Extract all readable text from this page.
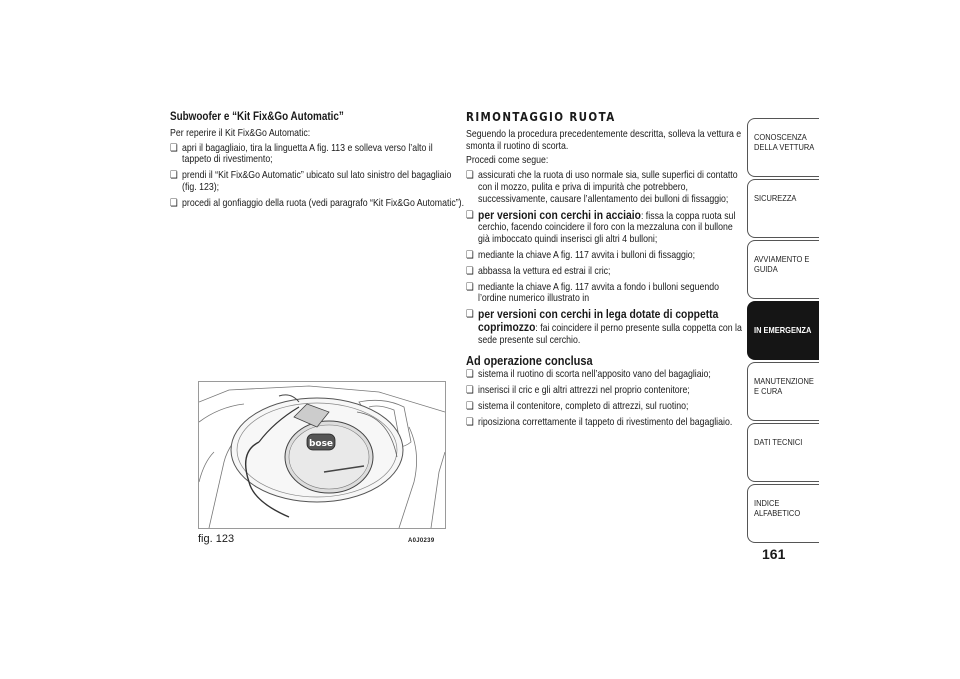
Subwoofer e “Kit Fix&Go Automatic”
Per reperire il Kit Fix&Go Automatic:
❏ apri il bagagliaio, tira la linguetta A fig. 113 e solleva verso l’alto il tappeto di rivestimento;
❏ prendi il “Kit Fix&Go Automatic” ubicato sul lato sinistro del bagagliaio (fig. 123);
❏ procedi al gonfiaggio della ruota (vedi paragrafo “Kit Fix&Go Automatic”).
bose
fig. 123	A0J0239
RIMONTAGGIO RUOTA
Seguendo la procedura precedentemente descritta, solleva la vettura e smonta il ruotino di scorta.
Procedi come segue:
❏ assicurati che la ruota di uso normale sia, sulle superfici di contatto con il mozzo, pulita e priva di impurità che potrebbero, successivamente, causare l’allentamento dei bulloni di fissaggio;
❏ per versioni con cerchi in acciaio: fissa la coppa ruota sul cerchio, facendo coincidere il foro con la mezzaluna con il bullone già imboccato quindi inserisci gli altri 4 bulloni;
❏ mediante la chiave A fig. 117 avvita i bulloni di fissaggio;
❏ abbassa la vettura ed estrai il cric;
❏ mediante la chiave A fig. 117 avvita a fondo i bulloni seguendo l’ordine numerico illustrato in
❏ per versioni con cerchi in lega dotate di coppetta coprimozzo: fai coincidere il perno presente sulla coppetta con la sede presente sul cerchio.
Ad operazione conclusa
❏ sistema il ruotino di scorta nell’apposito vano del bagagliaio;
❏ inserisci il cric e gli altri attrezzi nel proprio contenitore;
❏ sistema il contenitore, completo di attrezzi, sul ruotino;
❏ riposiziona correttamente il tappeto di rivestimento del bagagliaio.
CONOSCENZA DELLA VETTURA
SICUREZZA
AVVIAMENTO E GUIDA
IN EMERGENZA
MANUTENZIONE E CURA
DATI TECNICI
INDICE ALFABETICO
161
